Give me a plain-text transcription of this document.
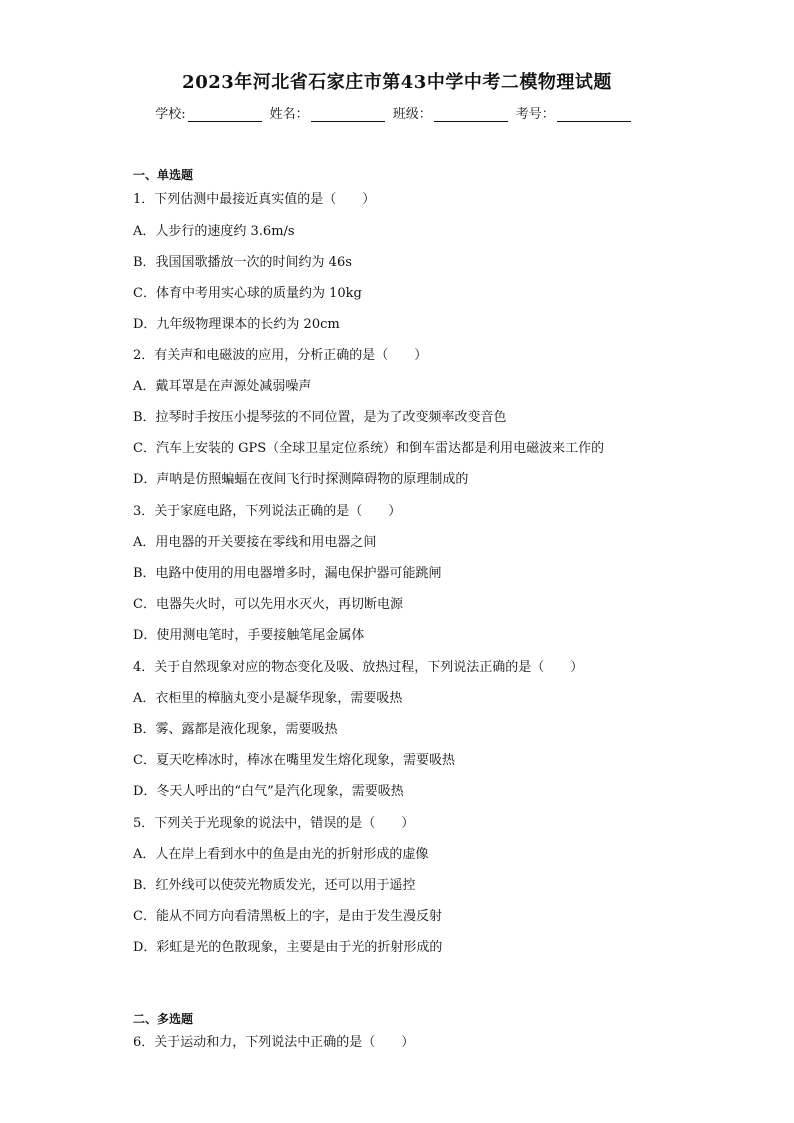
2023年河北省石家庄市第43中学中考二模物理试题
学校:	姓名：	班级：	考号：
一、单选题
1．下列估测中最接近真实值的是（　　）
A．人步行的速度约 3.6m/s
B．我国国歌播放一次的时间约为 46s
C．体育中考用实心球的质量约为 10kg
D．九年级物理课本的长约为 20cm
2．有关声和电磁波的应用，分析正确的是（　　）
A．戴耳罩是在声源处减弱噪声
B．拉琴时手按压小提琴弦的不同位置，是为了改变频率改变音色
C．汽车上安装的 GPS（全球卫星定位系统）和倒车雷达都是利用电磁波来工作的
D．声呐是仿照蝙蝠在夜间飞行时探测障碍物的原理制成的
3．关于家庭电路，下列说法正确的是（　　）
A．用电器的开关要接在零线和用电器之间
B．电路中使用的用电器增多时，漏电保护器可能跳闸
C．电器失火时，可以先用水灭火，再切断电源
D．使用测电笔时，手要接触笔尾金属体
4．关于自然现象对应的物态变化及吸、放热过程，下列说法正确的是（　　）
A．衣柜里的樟脑丸变小是凝华现象，需要吸热
B．雾、露都是液化现象，需要吸热
C．夏天吃棒冰时，棒冰在嘴里发生熔化现象，需要吸热
D．冬天人呼出的“白气”是汽化现象，需要吸热
5．下列关于光现象的说法中，错误的是（　　）
A．人在岸上看到水中的鱼是由光的折射形成的虚像
B．红外线可以使荧光物质发光，还可以用于遥控
C．能从不同方向看清黑板上的字，是由于发生漫反射
D．彩虹是光的色散现象，主要是由于光的折射形成的
二、多选题
6．关于运动和力，下列说法中正确的是（　　）
